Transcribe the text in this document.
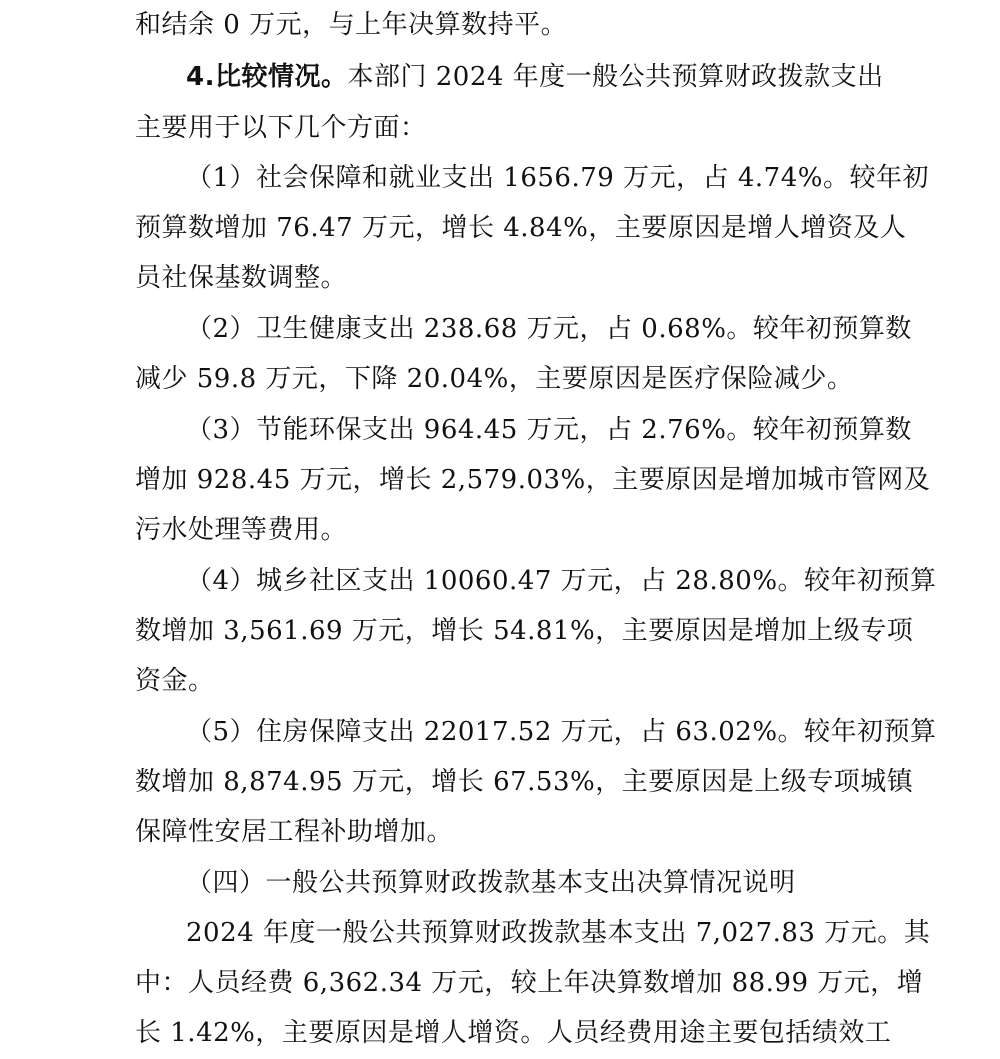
和结余 0 万元，与上年决算数持平。
4.比较情况。本部门 2024 年度一般公共预算财政拨款支出
主要用于以下几个方面：
（1）社会保障和就业支出 1656.79 万元，占 4.74%。较年初
预算数增加 76.47 万元，增长 4.84%，主要原因是增人增资及人
员社保基数调整。
（2）卫生健康支出 238.68 万元，占 0.68%。较年初预算数
减少 59.8 万元，下降 20.04%，主要原因是医疗保险减少。
（3）节能环保支出 964.45 万元，占 2.76%。较年初预算数
增加 928.45 万元，增长 2,579.03%，主要原因是增加城市管网及
污水处理等费用。
（4）城乡社区支出 10060.47 万元，占 28.80%。较年初预算
数增加 3,561.69 万元，增长 54.81%，主要原因是增加上级专项
资金。
（5）住房保障支出 22017.52 万元，占 63.02%。较年初预算
数增加 8,874.95 万元，增长 67.53%，主要原因是上级专项城镇
保障性安居工程补助增加。
（四）一般公共预算财政拨款基本支出决算情况说明
2024 年度一般公共预算财政拨款基本支出 7,027.83 万元。其
中：人员经费 6,362.34 万元，较上年决算数增加 88.99 万元，增
长 1.42%，主要原因是增人增资。人员经费用途主要包括绩效工
